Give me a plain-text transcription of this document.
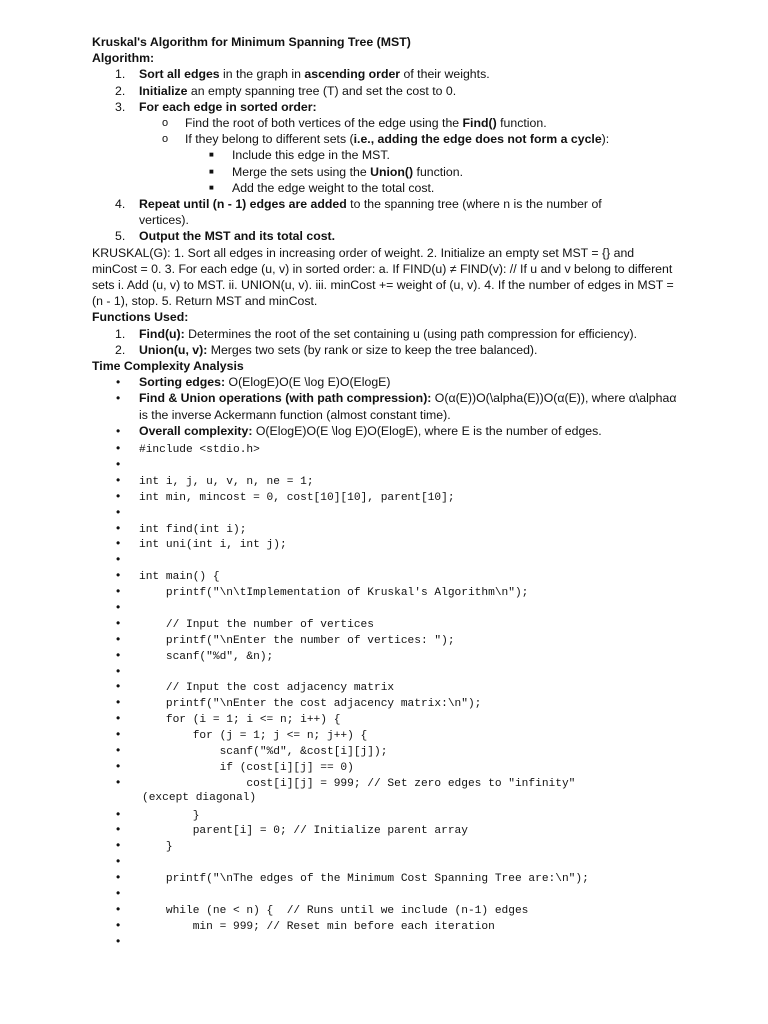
Kruskal's Algorithm for Minimum Spanning Tree (MST)
Algorithm:
1.	Sort all edges in the graph in ascending order of their weights.
2.	Initialize an empty spanning tree (T) and set the cost to 0.
3.	For each edge in sorted order:
o Find the root of both vertices of the edge using the Find() function.
o If they belong to different sets (i.e., adding the edge does not form a cycle):
■ Include this edge in the MST.
■ Merge the sets using the Union() function.
■ Add the edge weight to the total cost.
4.	Repeat until (n - 1) edges are added to the spanning tree (where n is the number of
vertices).
5.	Output the MST and its total cost.
KRUSKAL(G): 1. Sort all edges in increasing order of weight. 2. Initialize an empty set MST = {} and minCost = 0. 3. For each edge (u, v) in sorted order: a. If FIND(u) ≠ FIND(v): // If u and v belong to different sets i. Add (u, v) to MST. ii. UNION(u, v). iii. minCost += weight of (u, v). 4. If the number of edges in MST = (n - 1), stop. 5. Return MST and minCost.
Functions Used:
1.	Find(u): Determines the root of the set containing u (using path compression for efficiency).
2.	Union(u, v): Merges two sets (by rank or size to keep the tree balanced).
Time Complexity Analysis
• Sorting edges: O(Elog⁡E)O(E \log E)O(ElogE)
• Find & Union operations (with path compression): O(α(E))O(\alpha(E))O(α(E)), where α\alphaα is the inverse Ackermann function (almost constant time).
• Overall complexity: O(Elog⁡E)O(E \log E)O(ElogE), where E is the number of edges.
• #include <stdio.h>
•
• int i, j, u, v, n, ne = 1;
• int min, mincost = 0, cost[10][10], parent[10];
•
• int find(int i);
• int uni(int i, int j);
•
• int main() {
• printf("\n\tImplementation of Kruskal's Algorithm\n");
•
• // Input the number of vertices
• printf("\nEnter the number of vertices: ");
• scanf("%d", &n);
•
• // Input the cost adjacency matrix
• printf("\nEnter the cost adjacency matrix:\n");
• for (i = 1; i <= n; i++) {
• for (j = 1; j <= n; j++) {
• scanf("%d", &cost[i][j]);
• if (cost[i][j] == 0)
• cost[i][j] = 999; // Set zero edges to "infinity"
(except diagonal)
• }
• parent[i] = 0; // Initialize parent array
• }
•
• printf("\nThe edges of the Minimum Cost Spanning Tree are:\n");
•
• while (ne < n) {  // Runs until we include (n-1) edges
• min = 999; // Reset min before each iteration
•
